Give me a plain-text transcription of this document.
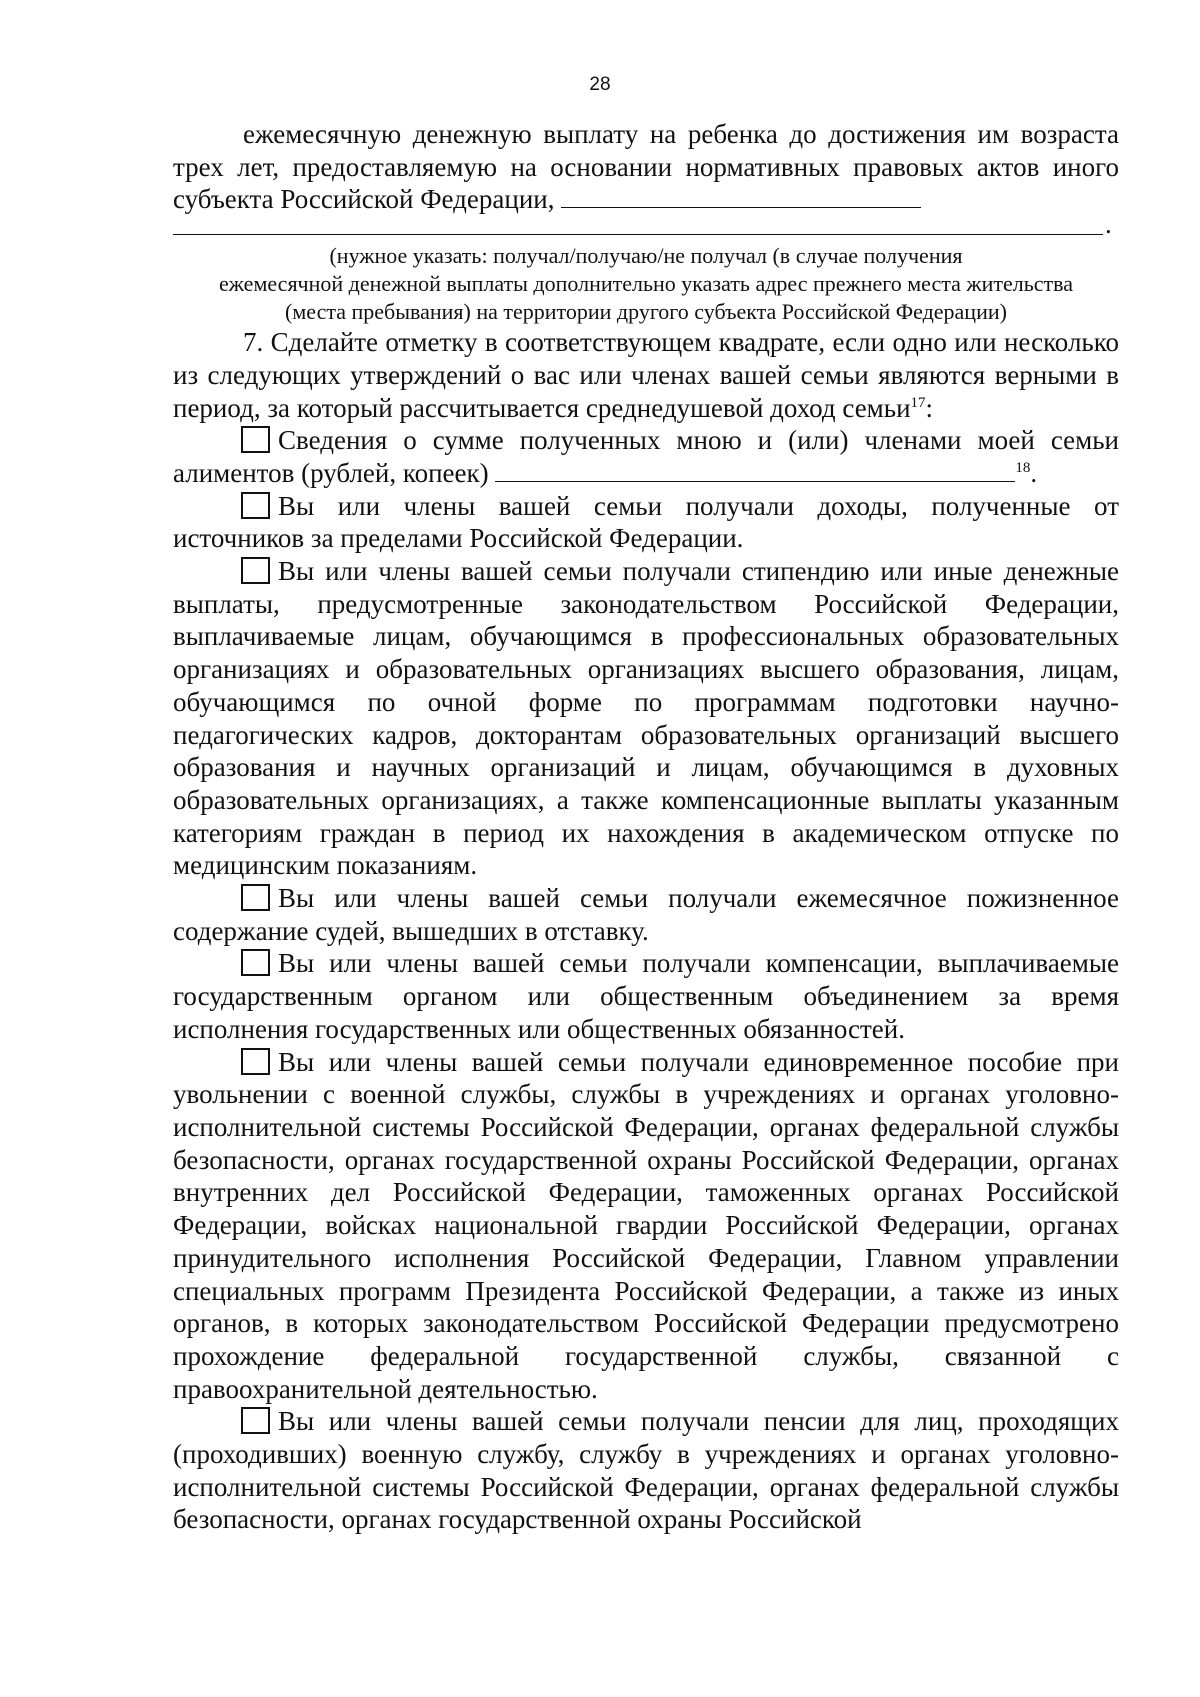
28

ежемесячную денежную выплату на ребенка до достижения им возраста трех лет, предоставляемую на основании нормативных правовых актов иного субъекта Российской Федерации,

.
(нужное указать: получал/получаю/не получал (в случае получения
ежемесячной денежной выплаты дополнительно указать адрес прежнего места жительства
(места пребывания) на территории другого субъекта Российской Федерации)

7. Сделайте отметку в соответствующем квадрате, если одно или несколько из следующих утверждений о вас или членах вашей семьи являются верными в период, за который рассчитывается среднедушевой доход семьи$^{17}$:

Сведения о сумме полученных мною и (или) членами моей семьи алиментов (рублей, копеек)	$^{18}$.

Вы или члены вашей семьи получали доходы, полученные от источников за пределами Российской Федерации.

Вы или члены вашей семьи получали стипендию или иные денежные выплаты, предусмотренные законодательством Российской Федерации, выплачиваемые лицам, обучающимся в профессиональных образовательных организациях и образовательных организациях высшего образования, лицам, обучающимся по очной форме по программам подготовки научно-педагогических кадров, докторантам образовательных организаций высшего образования и научных организаций и лицам, обучающимся в духовных образовательных организациях, а также компенсационные выплаты указанным категориям граждан в период их нахождения в академическом отпуске по медицинским показаниям.

Вы или члены вашей семьи получали ежемесячное пожизненное содержание судей, вышедших в отставку.

Вы или члены вашей семьи получали компенсации, выплачиваемые государственным органом или общественным объединением за время исполнения государственных или общественных обязанностей.

Вы или члены вашей семьи получали единовременное пособие при увольнении с военной службы, службы в учреждениях и органах уголовно-исполнительной системы Российской Федерации, органах федеральной службы безопасности, органах государственной охраны Российской Федерации, органах внутренних дел Российской Федерации, таможенных органах Российской Федерации, войсках национальной гвардии Российской Федерации, органах принудительного исполнения Российской Федерации, Главном управлении специальных программ Президента Российской Федерации, а также из иных органов, в которых законодательством Российской Федерации предусмотрено прохождение федеральной государственной службы, связанной с правоохранительной деятельностью.

Вы или члены вашей семьи получали пенсии для лиц, проходящих (проходивших) военную службу, службу в учреждениях и органах уголовно-исполнительной системы Российской Федерации, органах федеральной службы безопасности, органах государственной охраны Российской
